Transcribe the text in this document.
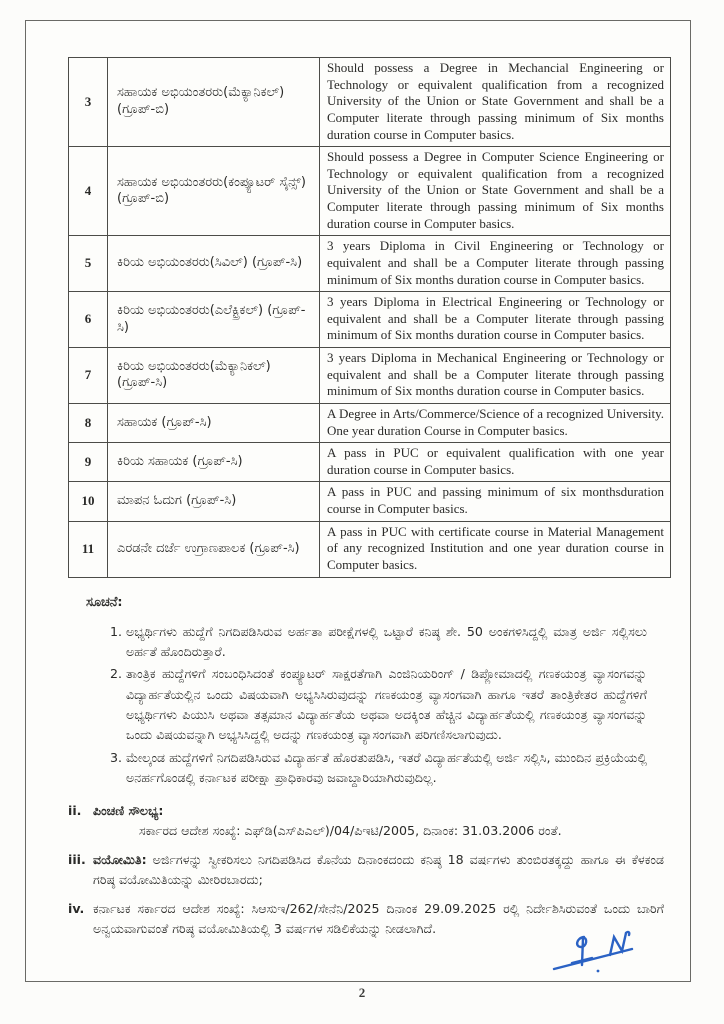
3	ಸಹಾಯಕ ಅಭಿಯಂತರರು(ಮೆಕ್ಯಾನಿಕಲ್) (ಗ್ರೂಪ್-ಬಿ)	Should possess a Degree in Mechancial Engineering or Technology or equivalent qualification from a recognized University of the Union or State Government and shall be a Computer literate through passing minimum of Six months duration course in Computer basics.
4	ಸಹಾಯಕ ಅಭಿಯಂತರರು(ಕಂಪ್ಯೂಟರ್ ಸೈನ್ಸ್) (ಗ್ರೂಪ್-ಬಿ)	Should possess a Degree in Computer Science Engineering or Technology or equivalent qualification from a recognized University of the Union or State Government and shall be a Computer literate through passing minimum of Six months duration course in Computer basics.
5	ಕಿರಿಯ ಅಭಿಯಂತರರು(ಸಿವಿಲ್) (ಗ್ರೂಪ್-ಸಿ)	3 years Diploma in Civil Engineering or Technology or equivalent and shall be a Computer literate through passing minimum of Six months duration course in Computer basics.
6	ಕಿರಿಯ ಅಭಿಯಂತರರು(ಎಲೆಕ್ಟ್ರಿಕಲ್) (ಗ್ರೂಪ್-ಸಿ)	3 years Diploma in Electrical Engineering or Technology or equivalent and shall be a Computer literate through passing minimum of Six months duration course in Computer basics.
7	ಕಿರಿಯ ಅಭಿಯಂತರರು(ಮೆಕ್ಯಾನಿಕಲ್) (ಗ್ರೂಪ್-ಸಿ)	3 years Diploma in Mechanical Engineering or Technology or equivalent and shall be a Computer literate through passing minimum of Six months duration course in Computer basics.
8	ಸಹಾಯಕ (ಗ್ರೂಪ್-ಸಿ)	A Degree in Arts/Commerce/Science of a recognized University. One year duration Course in Computer basics.
9	ಕಿರಿಯ ಸಹಾಯಕ (ಗ್ರೂಪ್-ಸಿ)	A pass in PUC or equivalent qualification with one year duration course in Computer basics.
10	ಮಾಪನ ಓದುಗ (ಗ್ರೂಪ್-ಸಿ)	A pass in PUC and passing minimum of six monthsduration course in Computer basics.
11	ಎರಡನೇ ದರ್ಜೆ ಉಗ್ರಾಣಪಾಲಕ (ಗ್ರೂಪ್-ಸಿ)	A pass in PUC with certificate course in Material Management of any recognized Institution and one year duration course in Computer basics.
ಸೂಚನೆ:
1. ಅಭ್ಯರ್ಥಿಗಳು ಹುದ್ದೆಗೆ ನಿಗದಿಪಡಿಸಿರುವ ಅರ್ಹತಾ ಪರೀಕ್ಷೆಗಳಲ್ಲಿ ಒಟ್ಟಾರೆ ಕನಿಷ್ಠ ಶೇ. 50 ಅಂಕಗಳಿಸಿದ್ದಲ್ಲಿ ಮಾತ್ರ ಅರ್ಜಿ ಸಲ್ಲಿಸಲು ಅರ್ಹತೆ ಹೊಂದಿರುತ್ತಾರೆ.
2. ತಾಂತ್ರಿಕ ಹುದ್ದೆಗಳಿಗೆ ಸಂಬಂಧಿಸಿದಂತೆ ಕಂಪ್ಯೂಟರ್ ಸಾಕ್ಷರತೆಗಾಗಿ ಎಂಜಿನಿಯರಿಂಗ್ / ಡಿಪ್ಲೋಮಾದಲ್ಲಿ ಗಣಕಯಂತ್ರ ವ್ಯಾಸಂಗವನ್ನು ವಿದ್ಯಾರ್ಹತೆಯಲ್ಲಿನ ಒಂದು ವಿಷಯವಾಗಿ ಅಭ್ಯಸಿಸಿರುವುದನ್ನು ಗಣಕಯಂತ್ರ ವ್ಯಾಸಂಗವಾಗಿ ಹಾಗೂ ಇತರೆ ತಾಂತ್ರಿಕೇತರ ಹುದ್ದೆಗಳಿಗೆ ಅಭ್ಯರ್ಥಿಗಳು ಪಿಯುಸಿ ಅಥವಾ ತತ್ಸಮಾನ ವಿದ್ಯಾರ್ಹತೆಯ ಅಥವಾ ಅದಕ್ಕಿಂತ ಹೆಚ್ಚಿನ ವಿದ್ಯಾರ್ಹತೆಯಲ್ಲಿ ಗಣಕಯಂತ್ರ ವ್ಯಾಸಂಗವನ್ನು ಒಂದು ವಿಷಯವನ್ನಾಗಿ ಅಭ್ಯಸಿಸಿದ್ದಲ್ಲಿ ಅದನ್ನು ಗಣಕಯಂತ್ರ ವ್ಯಾಸಂಗವಾಗಿ ಪರಿಗಣಿಸಲಾಗುವುದು.
3. ಮೇಲ್ಕಂಡ ಹುದ್ದೆಗಳಿಗೆ ನಿಗದಿಪಡಿಸಿರುವ ವಿದ್ಯಾರ್ಹತೆ ಹೊರತುಪಡಿಸಿ, ಇತರೆ ವಿದ್ಯಾರ್ಹತೆಯಲ್ಲಿ ಅರ್ಜಿ ಸಲ್ಲಿಸಿ, ಮುಂದಿನ ಪ್ರಕ್ರಿಯೆಯಲ್ಲಿ ಅನರ್ಹಗೊಂಡಲ್ಲಿ ಕರ್ನಾಟಕ ಪರೀಕ್ಷಾ ಪ್ರಾಧಿಕಾರವು ಜವಾಬ್ದಾರಿಯಾಗಿರುವುದಿಲ್ಲ.
ii. ಪಿಂಚಣಿ ಸೌಲಭ್ಯ:
ಸರ್ಕಾರದ ಆದೇಶ ಸಂಖ್ಯೆ: ಎಫ್‌ಡಿ(ಎಸ್‌ಪಿಎಲ್)/04/ಪಿಇಟಿ/2005, ದಿನಾಂಕ: 31.03.2006 ರಂತೆ.
iii. ವಯೋಮಿತಿ: ಅರ್ಜಿಗಳನ್ನು ಸ್ವೀಕರಿಸಲು ನಿಗದಿಪಡಿಸಿದ ಕೊನೆಯ ದಿನಾಂಕದಂದು ಕನಿಷ್ಠ 18 ವರ್ಷಗಳು ತುಂಬಿರತಕ್ಕದ್ದು ಹಾಗೂ ಈ ಕೆಳಕಂಡ ಗರಿಷ್ಠ ವಯೋಮಿತಿಯನ್ನು ಮೀರಿರಬಾರದು;
iv. ಕರ್ನಾಟಕ ಸರ್ಕಾರದ ಆದೇಶ ಸಂಖ್ಯೆ: ಸಿಆಸುಇ/262/ಸೇನೆನಿ/2025 ದಿನಾಂಕ 29.09.2025 ರಲ್ಲಿ ನಿರ್ದೇಶಿಸಿರುವಂತೆ ಒಂದು ಬಾರಿಗೆ ಅನ್ವಯವಾಗುವಂತೆ ಗರಿಷ್ಠ ವಯೋಮಿತಿಯಲ್ಲಿ 3 ವರ್ಷಗಳ ಸಡಿಲಿಕೆಯನ್ನು ನೀಡಲಾಗಿದೆ.
2
